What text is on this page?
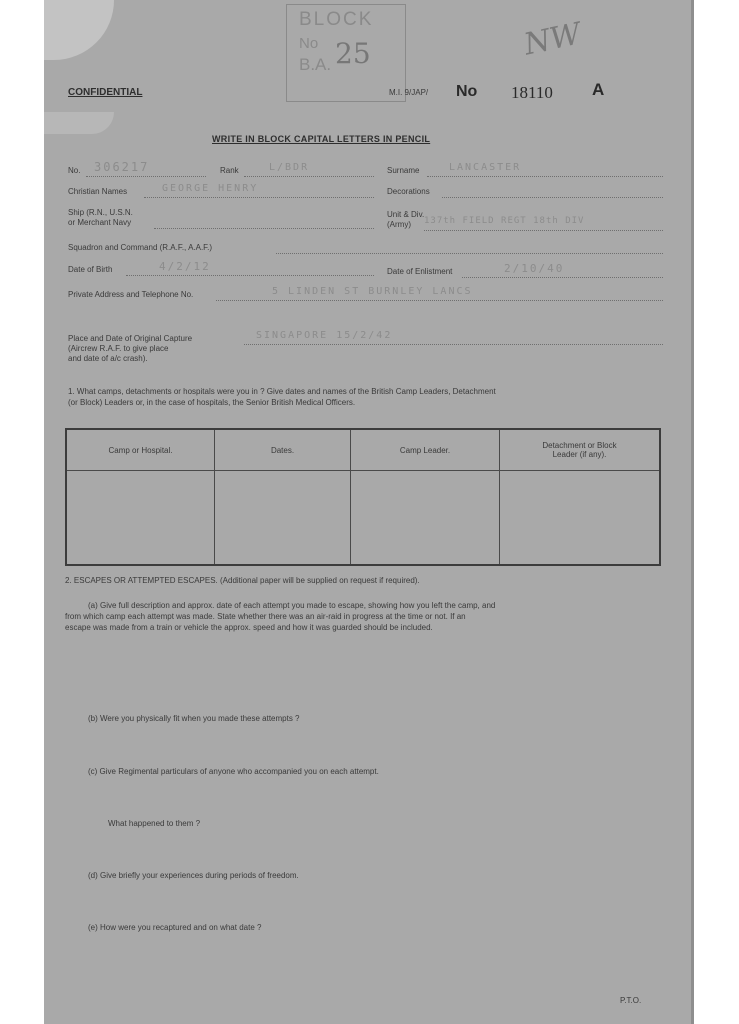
BLOCK
No
B.A. 25	NW
CONFIDENTIAL	M.I. 9/JAP/ No 18110 A
WRITE IN BLOCK CAPITAL LETTERS IN PENCIL
No. 306217	Rank	L/BDR	Surname	LANCASTER
Christian Names	GEORGE HENRY	Decorations
Ship (R.N., U.S.N.
or Merchant Navy
Unit & Div.
(Army) 137th FIELD REGT 18th DIV
Squadron and Command (R.A.F., A.A.F.)
Date of Birth	4/2/12	Date of Enlistment	2/10/40
Private Address and Telephone No.	5 LINDEN ST BURNLEY LANCS
Place and Date of Original Capture
(Aircrew R.A.F. to give place
and date of a/c crash).
SINGAPORE 15/2/42
1. What camps, detachments or hospitals were you in ? Give dates and names of the British Camp Leaders, Detachment
(or Block) Leaders or, in the case of hospitals, the Senior British Medical Officers.
Camp or Hospital.	Dates.	Camp Leader.	Detachment or Block
Leader (if any).

2. ESCAPES OR ATTEMPTED ESCAPES. (Additional paper will be supplied on request if required).
(a) Give full description and approx. date of each attempt you made to escape, showing how you left the camp, and
from which camp each attempt was made. State whether there was an air-raid in progress at the time or not. If an
escape was made from a train or vehicle the approx. speed and how it was guarded should be included.
(b) Were you physically fit when you made these attempts ?
(c) Give Regimental particulars of anyone who accompanied you on each attempt.
What happened to them ?
(d) Give briefly your experiences during periods of freedom.
(e) How were you recaptured and on what date ?
P.T.O.
